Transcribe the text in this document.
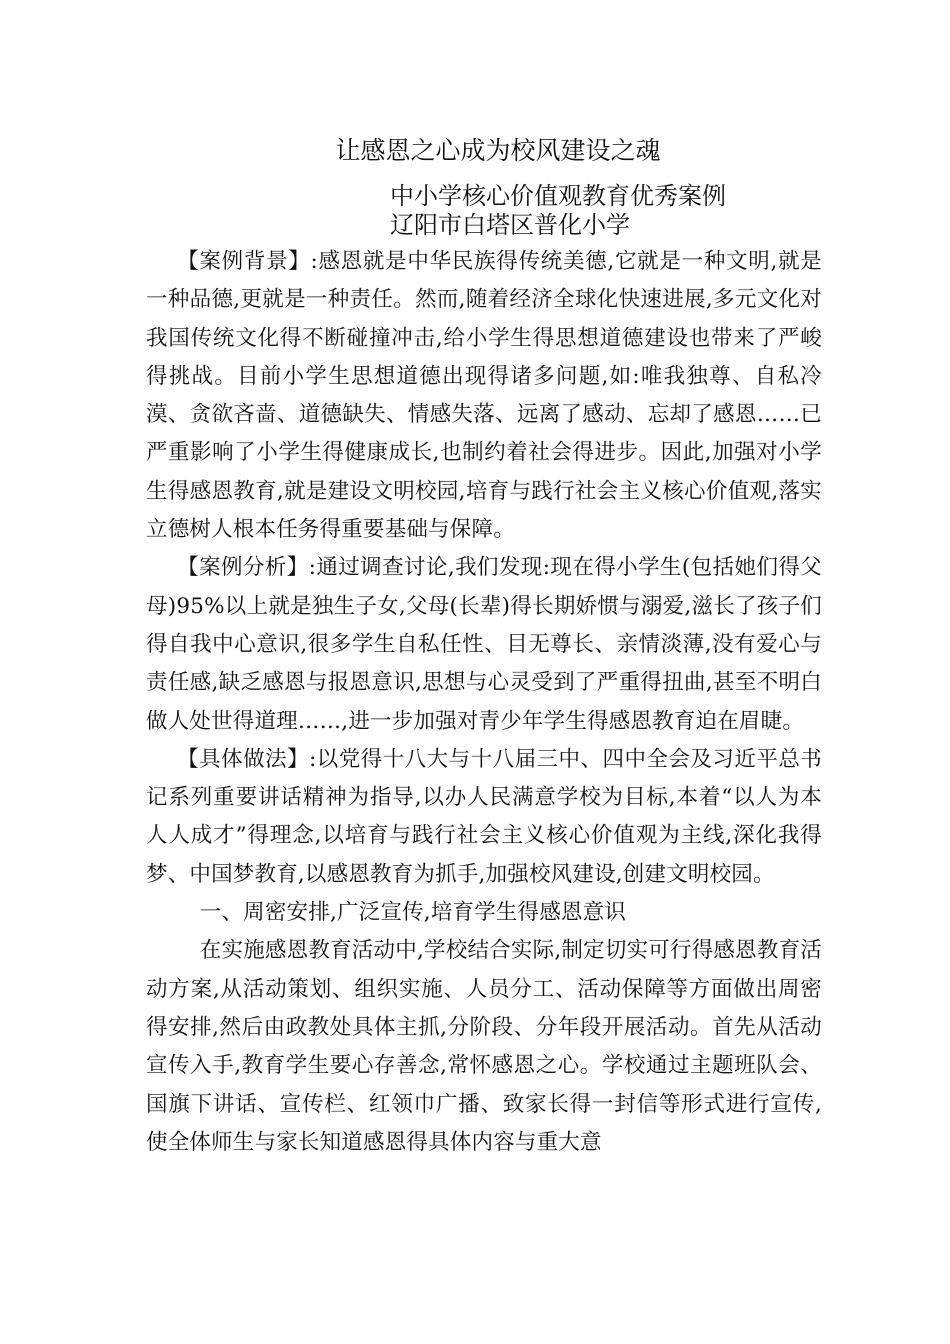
让感恩之心成为校风建设之魂
中小学核心价值观教育优秀案例
辽阳市白塔区普化小学

【案例背景】:感恩就是中华民族得传统美德,它就是一种文明,就是一种品德,更就是一种责任。然而,随着经济全球化快速进展,多元文化对我国传统文化得不断碰撞冲击,给小学生得思想道德建设也带来了严峻得挑战。目前小学生思想道德出现得诸多问题,如:唯我独尊、自私冷漠、贪欲吝啬、道德缺失、情感失落、远离了感动、忘却了感恩……已严重影响了小学生得健康成长,也制约着社会得进步。因此,加强对小学生得感恩教育,就是建设文明校园,培育与践行社会主义核心价值观,落实立德树人根本任务得重要基础与保障。

【案例分析】:通过调查讨论,我们发现:现在得小学生(包括她们得父母)95%以上就是独生子女,父母(长辈)得长期娇惯与溺爱,滋长了孩子们得自我中心意识,很多学生自私任性、目无尊长、亲情淡薄,没有爱心与责任感,缺乏感恩与报恩意识,思想与心灵受到了严重得扭曲,甚至不明白做人处世得道理……,进一步加强对青少年学生得感恩教育迫在眉睫。

【具体做法】:以党得十八大与十八届三中、四中全会及习近平总书记系列重要讲话精神为指导,以办人民满意学校为目标,本着“以人为本 人人成才”得理念,以培育与践行社会主义核心价值观为主线,深化我得梦、中国梦教育,以感恩教育为抓手,加强校风建设,创建文明校园。

一、周密安排,广泛宣传,培育学生得感恩意识

在实施感恩教育活动中,学校结合实际,制定切实可行得感恩教育活动方案,从活动策划、组织实施、人员分工、活动保障等方面做出周密得安排,然后由政教处具体主抓,分阶段、分年段开展活动。首先从活动宣传入手,教育学生要心存善念,常怀感恩之心。学校通过主题班队会、国旗下讲话、宣传栏、红领巾广播、致家长得一封信等形式进行宣传,使全体师生与家长知道感恩得具体内容与重大意
